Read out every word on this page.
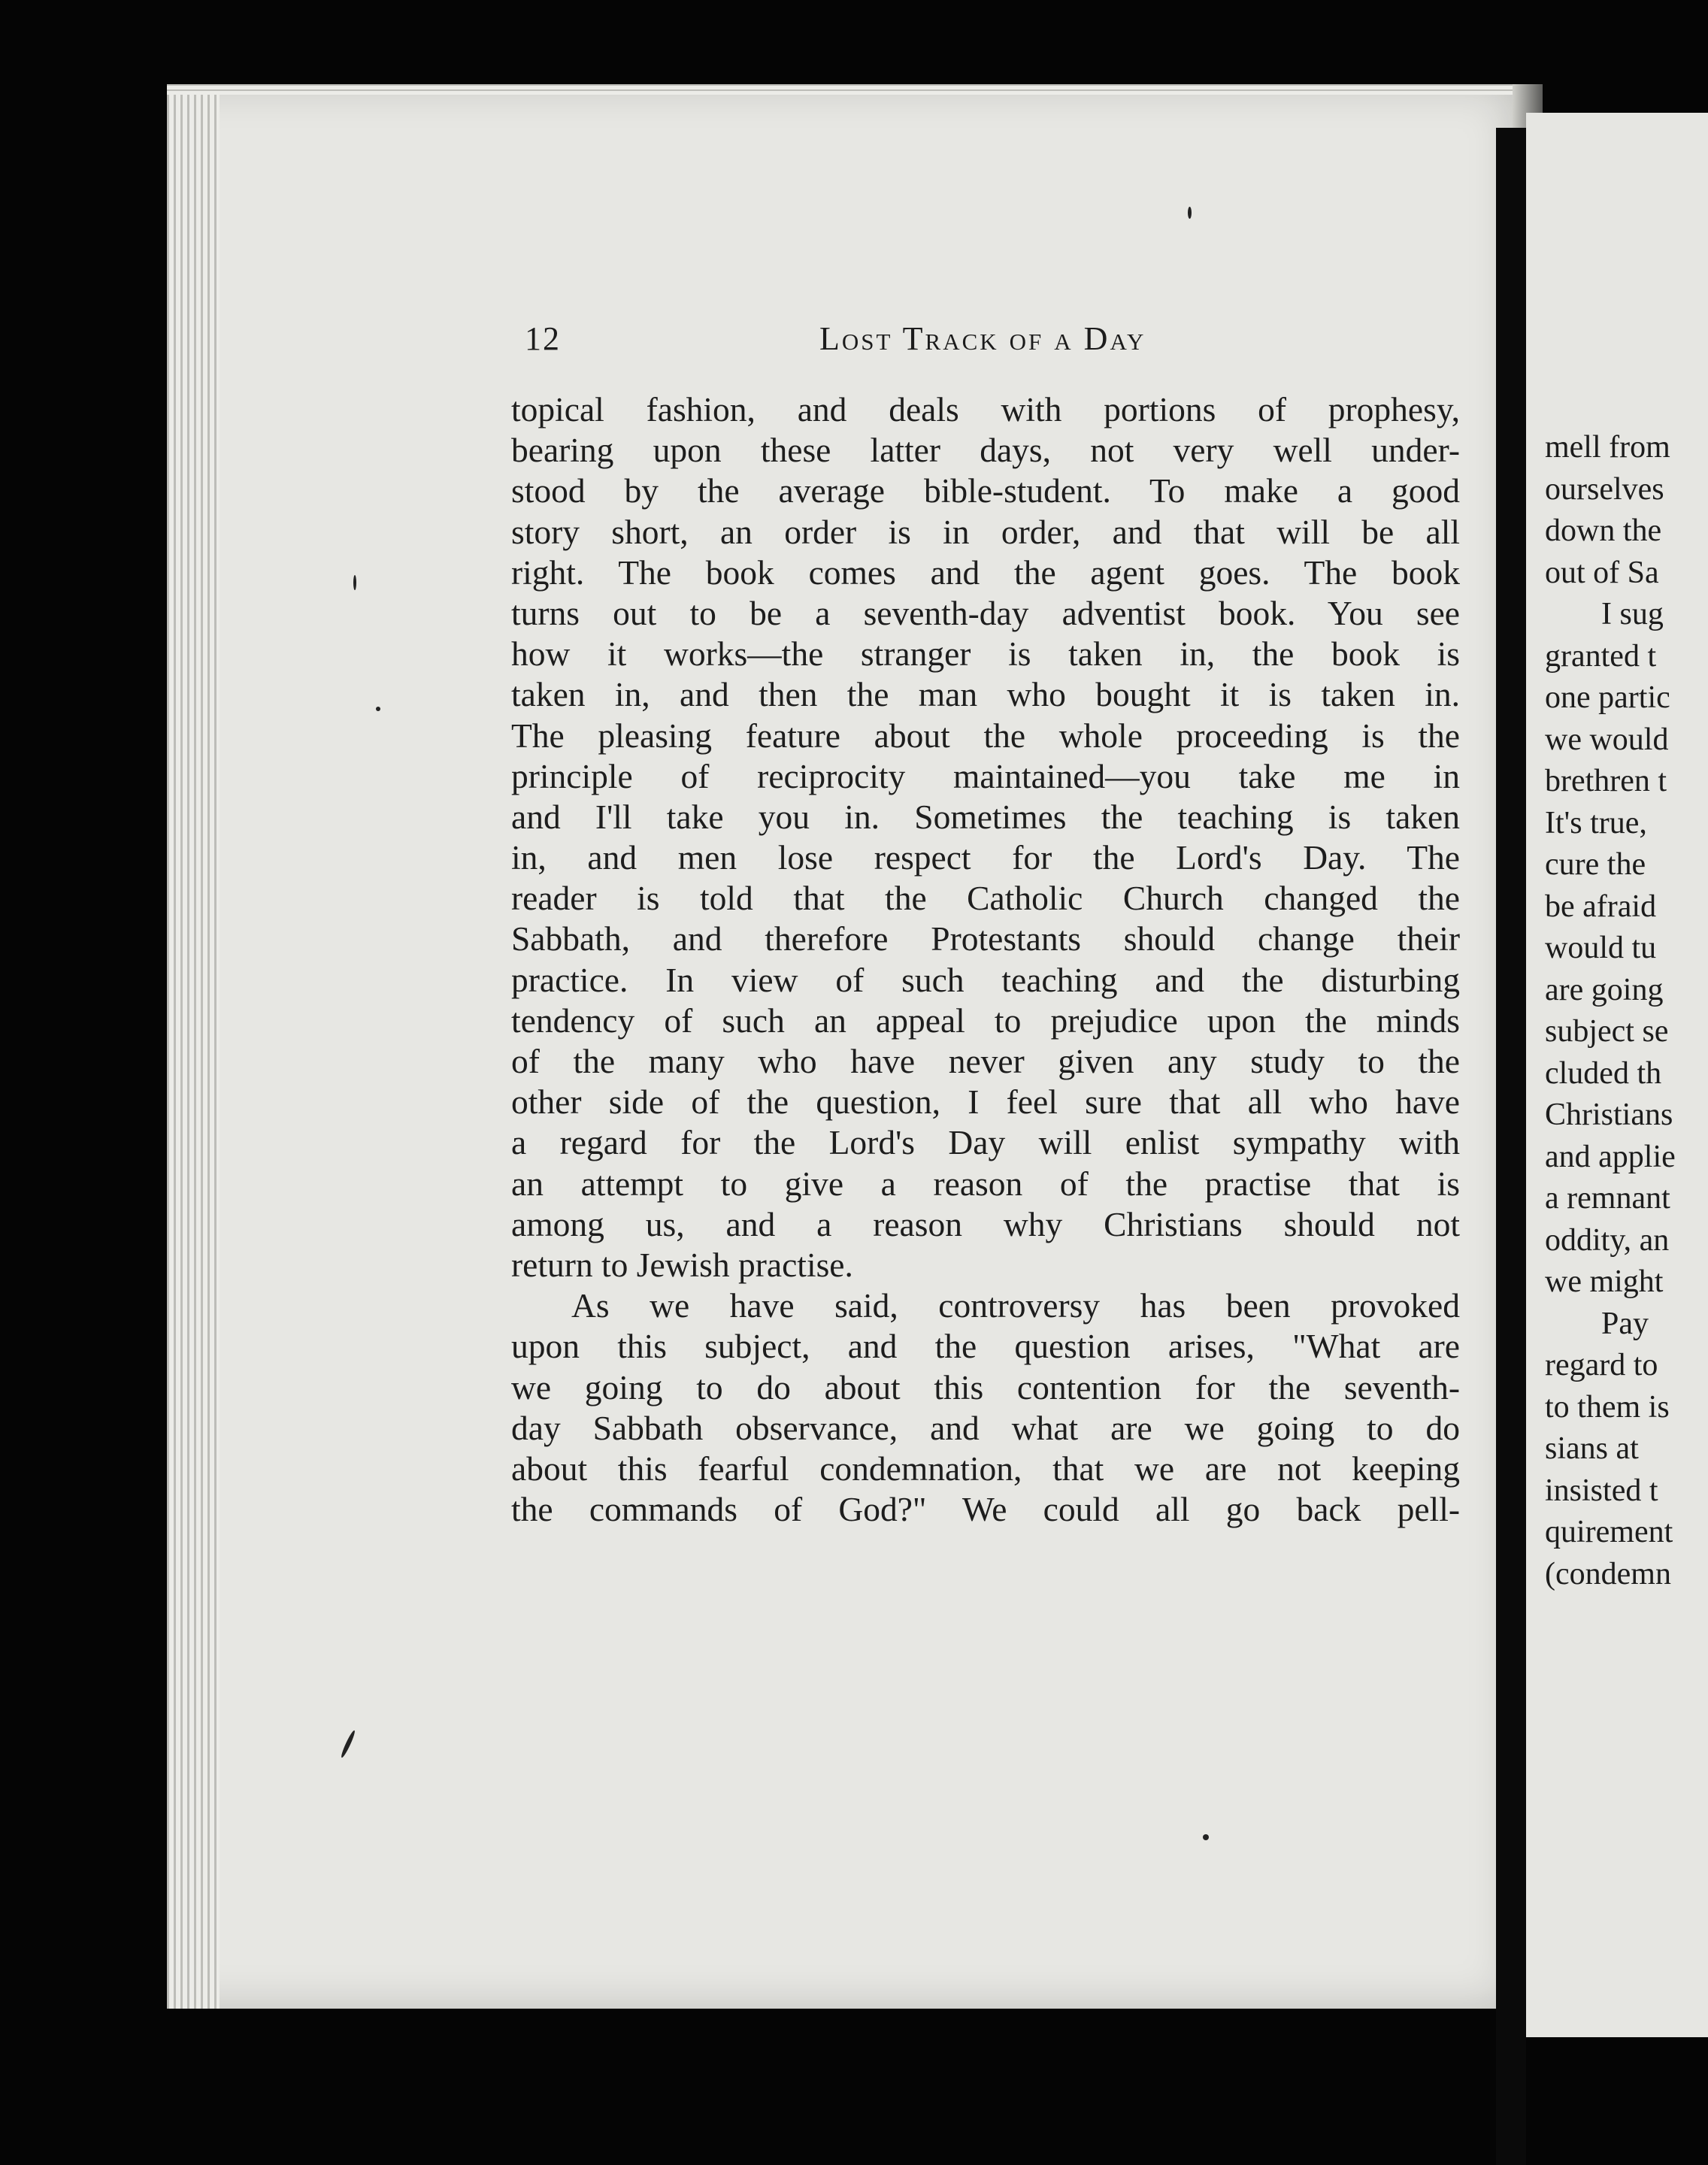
12	Lost Track of a Day
topical fashion, and deals with portions of prophesy,
bearing upon these latter days, not very well under-
stood by the average bible-student. To make a good
story short, an order is in order, and that will be all
right. The book comes and the agent goes. The book
turns out to be a seventh-day adventist book. You see
how it works—the stranger is taken in, the book is
taken in, and then the man who bought it is taken in.
The pleasing feature about the whole proceeding is the
principle of reciprocity maintained—you take me in
and I'll take you in. Sometimes the teaching is taken
in, and men lose respect for the Lord's Day. The
reader is told that the Catholic Church changed the
Sabbath, and therefore Protestants should change their
practice. In view of such teaching and the disturbing
tendency of such an appeal to prejudice upon the minds
of the many who have never given any study to the
other side of the question, I feel sure that all who have
a regard for the Lord's Day will enlist sympathy with
an attempt to give a reason of the practise that is
among us, and a reason why Christians should not
return to Jewish practise.
As we have said, controversy has been provoked
upon this subject, and the question arises, "What are
we going to do about this contention for the seventh-
day Sabbath observance, and what are we going to do
about this fearful condemnation, that we are not keeping
the commands of God?" We could all go back pell-
mell from
ourselves
down the
out of Sa
I sug
granted t
one partic
we would
brethren t
It's true,
cure the
be afraid
would tu
are going
subject se
cluded th
Christians
and applie
a remnant
oddity, an
we might
Pay
regard to
to them is
sians at
insisted t
quirement
(condemn
